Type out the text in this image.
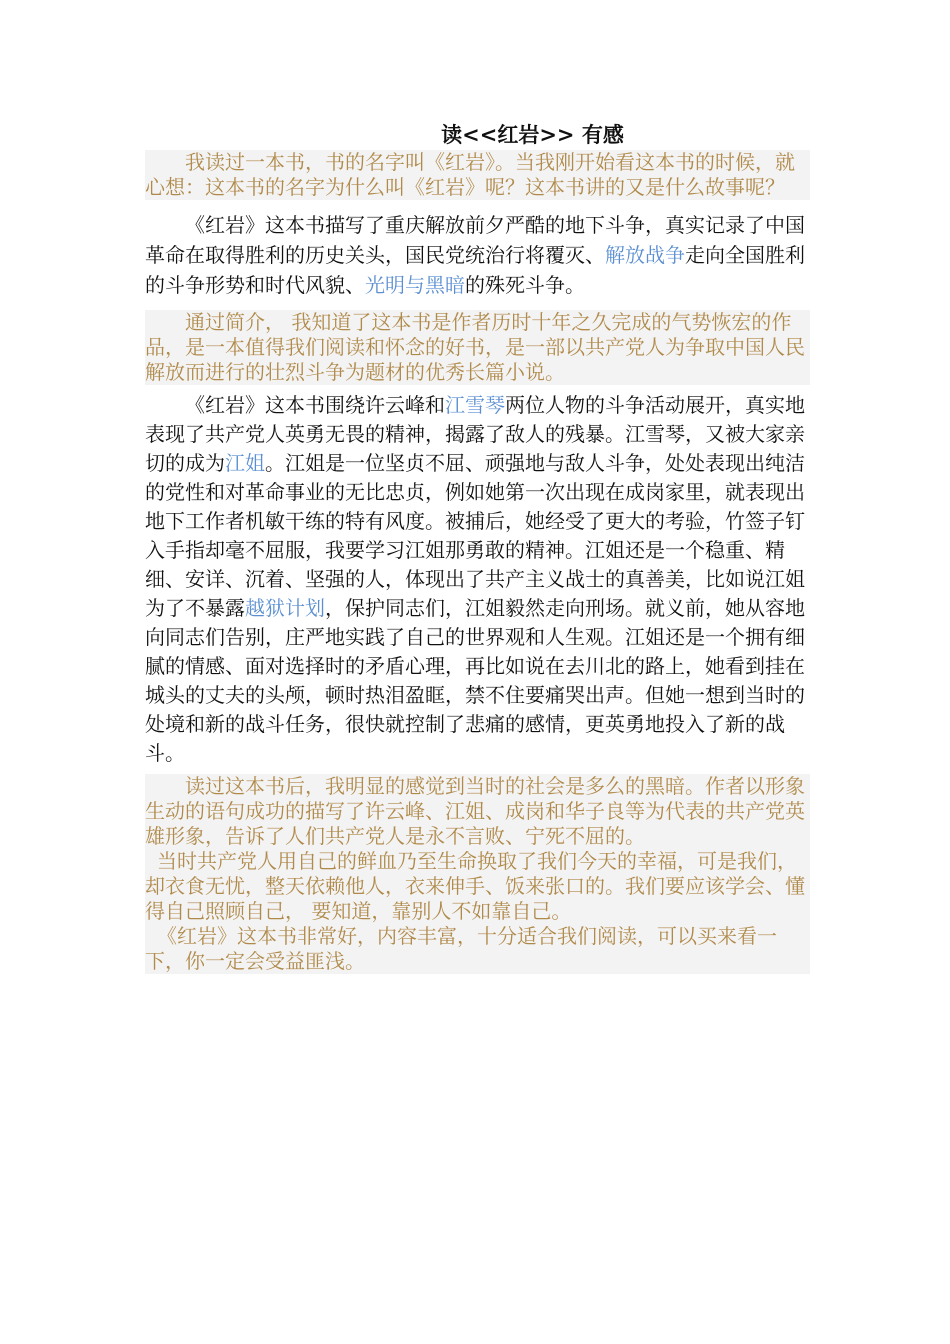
读<<红岩>> 有感

我读过一本书，书的名字叫《红岩》。当我刚开始看这本书的时候，就心想：这本书的名字为什么叫《红岩》呢？这本书讲的又是什么故事呢？

《红岩》这本书描写了重庆解放前夕严酷的地下斗争，真实记录了中国革命在取得胜利的历史关头，国民党统治行将覆灭、解放战争走向全国胜利的斗争形势和时代风貌、光明与黑暗的殊死斗争。

通过简介， 我知道了这本书是作者历时十年之久完成的气势恢宏的作品，是一本值得我们阅读和怀念的好书，是一部以共产党人为争取中国人民解放而进行的壮烈斗争为题材的优秀长篇小说。

《红岩》这本书围绕许云峰和江雪琴两位人物的斗争活动展开，真实地表现了共产党人英勇无畏的精神，揭露了敌人的残暴。江雪琴，又被大家亲切的成为江姐。江姐是一位坚贞不屈、顽强地与敌人斗争，处处表现出纯洁的党性和对革命事业的无比忠贞，例如她第一次出现在成岗家里，就表现出地下工作者机敏干练的特有风度。被捕后，她经受了更大的考验，竹签子钉入手指却毫不屈服，我要学习江姐那勇敢的精神。江姐还是一个稳重、精细、安详、沉着、坚强的人，体现出了共产主义战士的真善美，比如说江姐为了不暴露越狱计划，保护同志们，江姐毅然走向刑场。就义前，她从容地向同志们告别，庄严地实践了自己的世界观和人生观。江姐还是一个拥有细腻的情感、面对选择时的矛盾心理，再比如说在去川北的路上，她看到挂在城头的丈夫的头颅，顿时热泪盈眶，禁不住要痛哭出声。但她一想到当时的处境和新的战斗任务，很快就控制了悲痛的感情，更英勇地投入了新的战斗。

读过这本书后，我明显的感觉到当时的社会是多么的黑暗。作者以形象生动的语句成功的描写了许云峰、江姐、成岗和华子良等为代表的共产党英雄形象，告诉了人们共产党人是永不言败、宁死不屈的。

当时共产党人用自己的鲜血乃至生命换取了我们今天的幸福，可是我们，却衣食无忧，整天依赖他人，衣来伸手、饭来张口的。我们要应该学会、懂得自己照顾自己， 要知道，靠别人不如靠自己。

《红岩》这本书非常好，内容丰富，十分适合我们阅读，可以买来看一下，你一定会受益匪浅。
